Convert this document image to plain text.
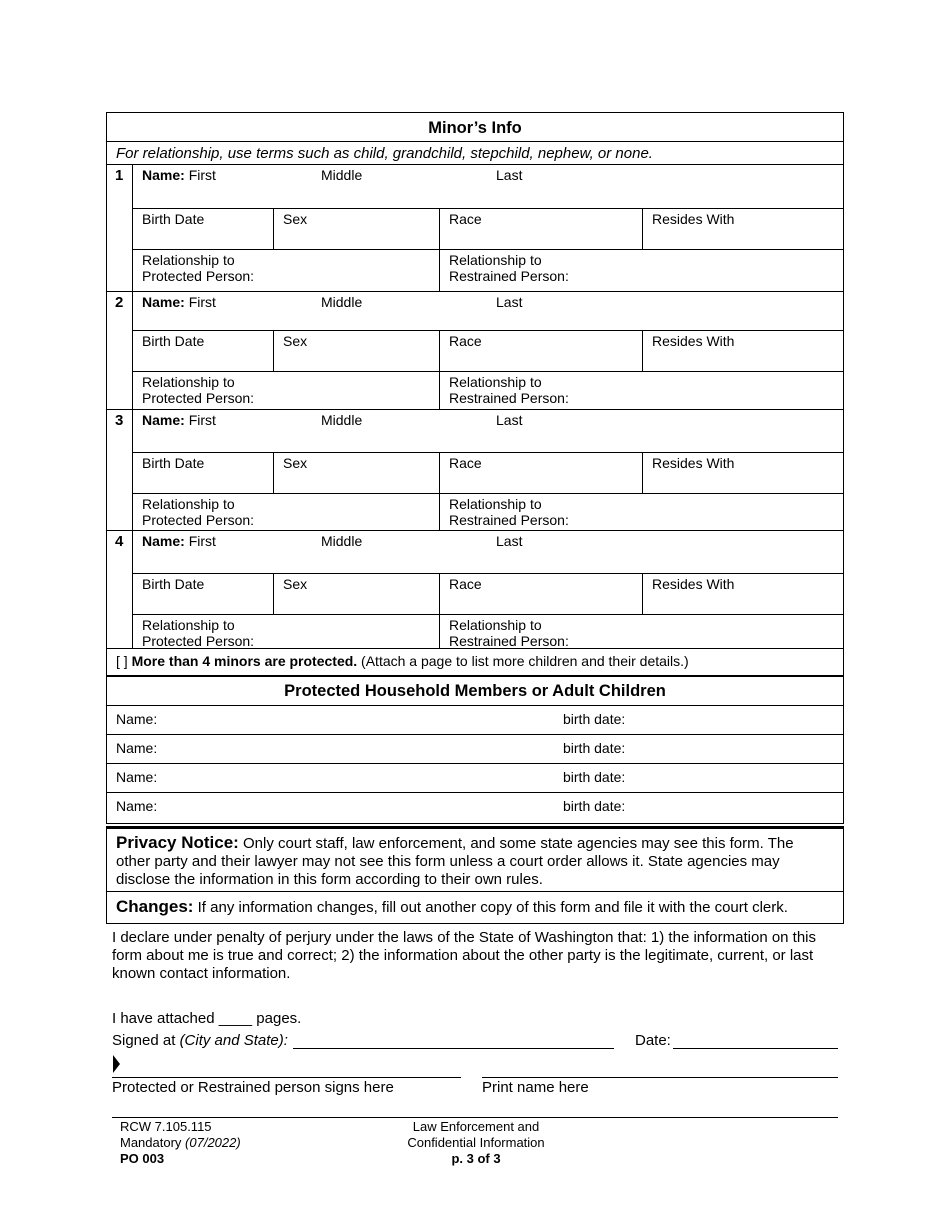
Minor’s Info
For relationship, use terms such as child, grandchild, stepchild, nephew, or none.
1 Name: First	Middle	Last
Birth Date	Sex	Race	Resides With
Relationship to
Protected Person:
Relationship to
Restrained Person:
2 Name: First	Middle	Last
Birth Date	Sex	Race	Resides With
Relationship to
Protected Person:
Relationship to
Restrained Person:
3 Name: First	Middle	Last
Birth Date	Sex	Race	Resides With
Relationship to
Protected Person:
Relationship to
Restrained Person:
4 Name: First	Middle	Last
Birth Date	Sex	Race	Resides With
Relationship to
Protected Person:
Relationship to
Restrained Person:
[ ] More than 4 minors are protected. (Attach a page to list more children and their details.)
Protected Household Members or Adult Children
Name:	birth date:
Name:	birth date:
Name:	birth date:
Name:	birth date:
Privacy Notice: Only court staff, law enforcement, and some state agencies may see this form. The other party and their lawyer may not see this form unless a court order allows it. State agencies may disclose the information in this form according to their own rules.
Changes: If any information changes, fill out another copy of this form and file it with the court clerk.
I declare under penalty of perjury under the laws of the State of Washington that: 1) the information on this form about me is true and correct; 2) the information about the other party is the legitimate, current, or last known contact information.
I have attached ____ pages.
Signed at (City and State):	Date:
Protected or Restrained person signs here	Print name here
RCW 7.105.115
Mandatory (07/2022)
PO 003
Law Enforcement and
Confidential Information
p. 3 of 3
